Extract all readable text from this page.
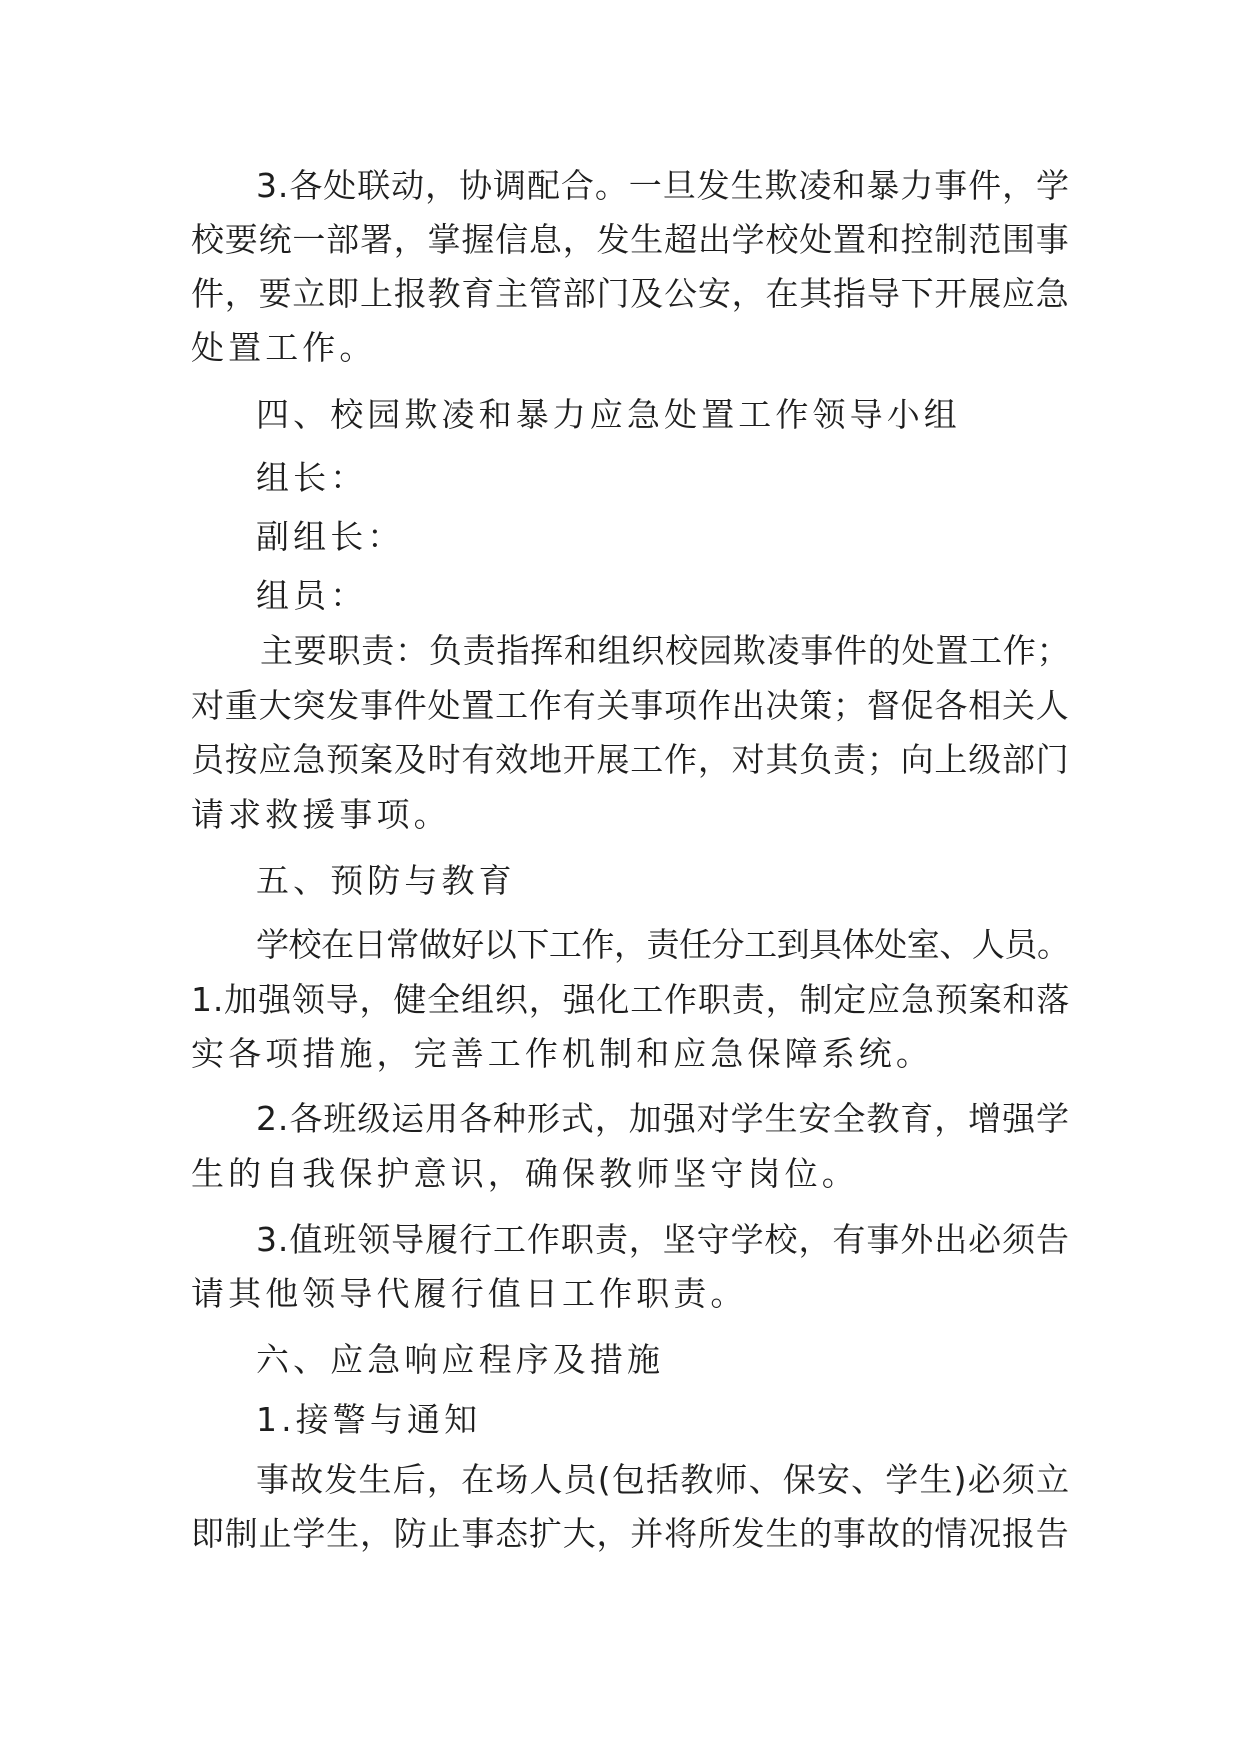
3.各处联动，协调配合。一旦发生欺凌和暴力事件，学

校要统一部署，掌握信息，发生超出学校处置和控制范围事

件，要立即上报教育主管部门及公安，在其指导下开展应急

处置工作。

四、校园欺凌和暴力应急处置工作领导小组

组长：

副组长：

组员：

主要职责：负责指挥和组织校园欺凌事件的处置工作；

对重大突发事件处置工作有关事项作出决策；督促各相关人

员按应急预案及时有效地开展工作，对其负责；向上级部门

请求救援事项。

五、预防与教育

学校在日常做好以下工作，责任分工到具体处室、人员。

1.加强领导，健全组织，强化工作职责，制定应急预案和落

实各项措施，完善工作机制和应急保障系统。

2.各班级运用各种形式，加强对学生安全教育，增强学

生的自我保护意识，确保教师坚守岗位。

3.值班领导履行工作职责，坚守学校，有事外出必须告

请其他领导代履行值日工作职责。

六、应急响应程序及措施

1.接警与通知

事故发生后，在场人员(包括教师、保安、学生)必须立

即制止学生，防止事态扩大，并将所发生的事故的情况报告
